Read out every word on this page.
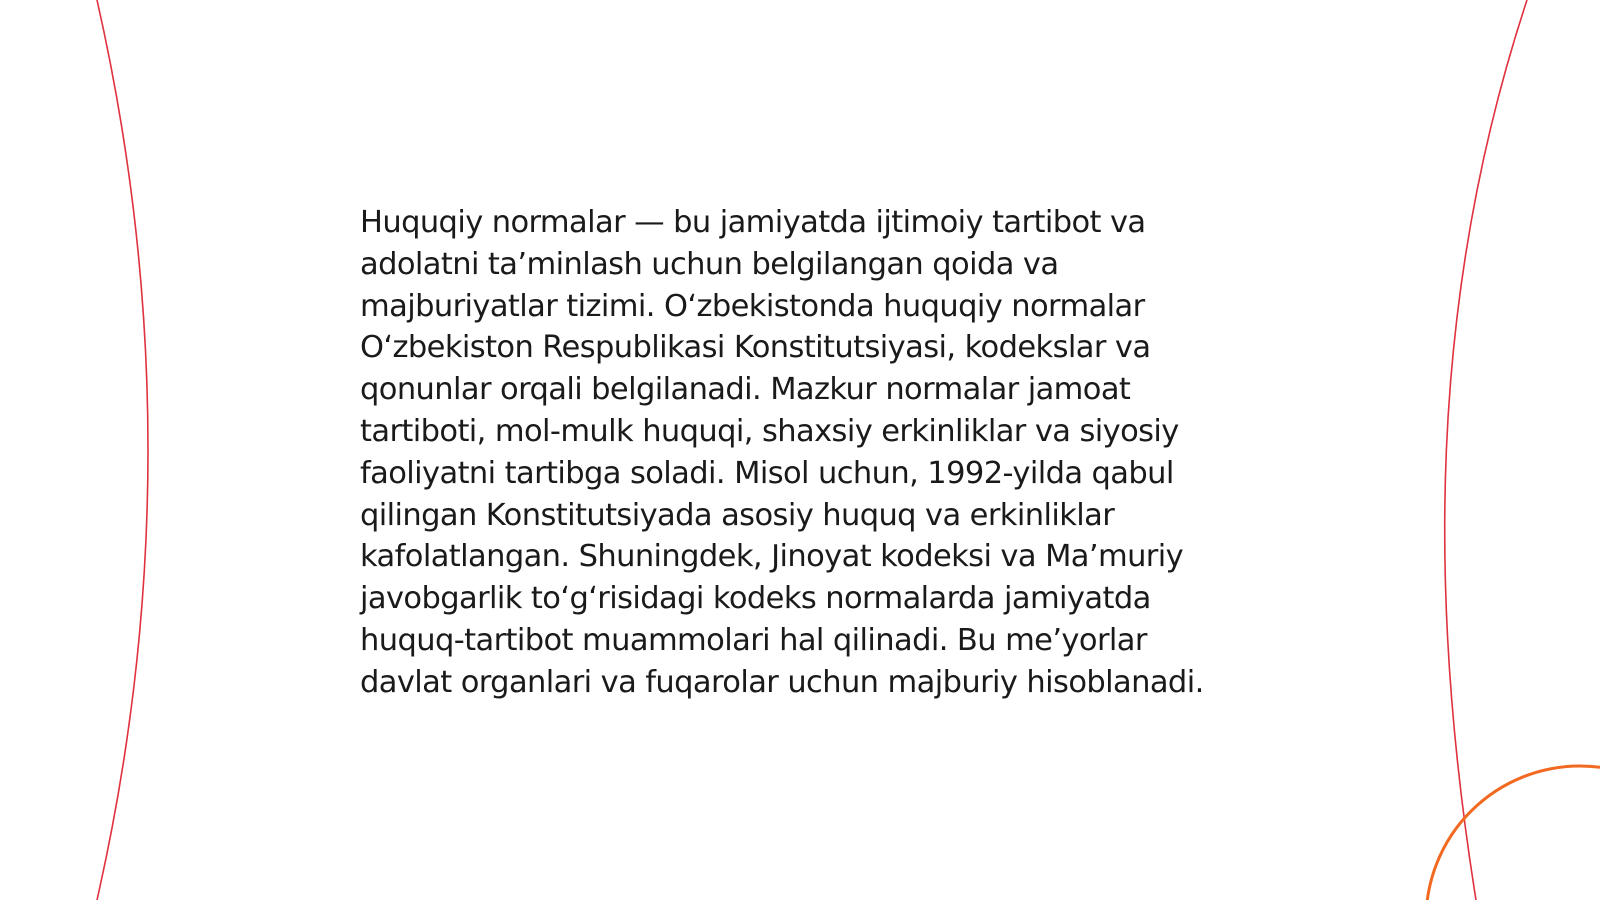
Huquqiy normalar — bu jamiyatda ijtimoiy tartibot va adolatni ta’minlash uchun belgilangan qoida va majburiyatlar tizimi. O‘zbekistonda huquqiy normalar O‘zbekiston Respublikasi Konstitutsiyasi, kodekslar va qonunlar orqali belgilanadi. Mazkur normalar jamoat tartiboti, mol-mulk huquqi, shaxsiy erkinliklar va siyosiy faoliyatni tartibga soladi. Misol uchun, 1992-yilda qabul qilingan Konstitutsiyada asosiy huquq va erkinliklar kafolatlangan. Shuningdek, Jinoyat kodeksi va Ma’muriy javobgarlik to‘g‘risidagi kodeks normalarda jamiyatda huquq-tartibot muammolari hal qilinadi. Bu me’yorlar davlat organlari va fuqarolar uchun majburiy hisoblanadi.
